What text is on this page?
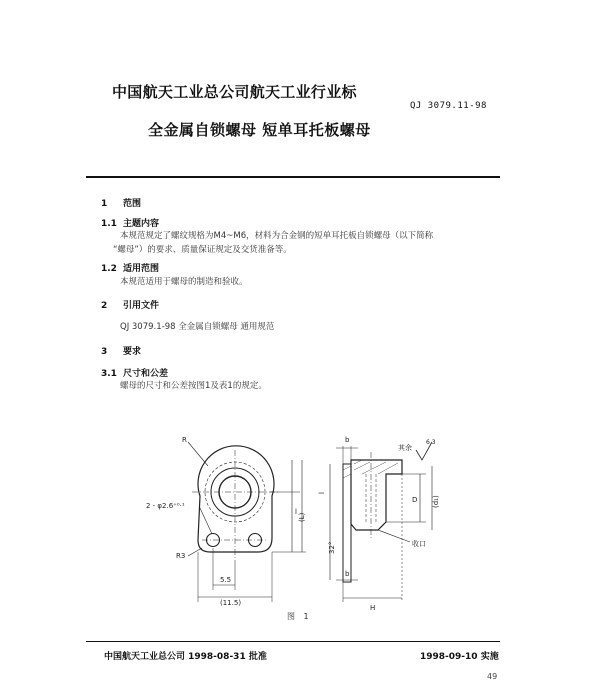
中国航天工业总公司航天工业行业标
QJ 3079.11-98
全金属自锁螺母 短单耳托板螺母
1 范围
1.1 主题内容
本规范规定了螺纹规格为M4~M6，材料为合金钢的短单耳托板自锁螺母（以下简称
“螺母”）的要求、质量保证规定及交货准备等。
1.2 适用范围
本规范适用于螺母的制造和验收。
2 引用文件
QJ 3079.1-98 全金属自锁螺母 通用规范
3 要求
3.1 尺寸和公差
螺母的尺寸和公差按图1及表1的规定。
R
2 - φ2.6⁺⁰·¹
R3
5.5
(11.5)
(L)
l
b
b
D (d₁)
H
l
收口
32°
其余
6.3
图 1
中国航天工业总公司 1998-08-31 批准	1998-09-10 实施
49
